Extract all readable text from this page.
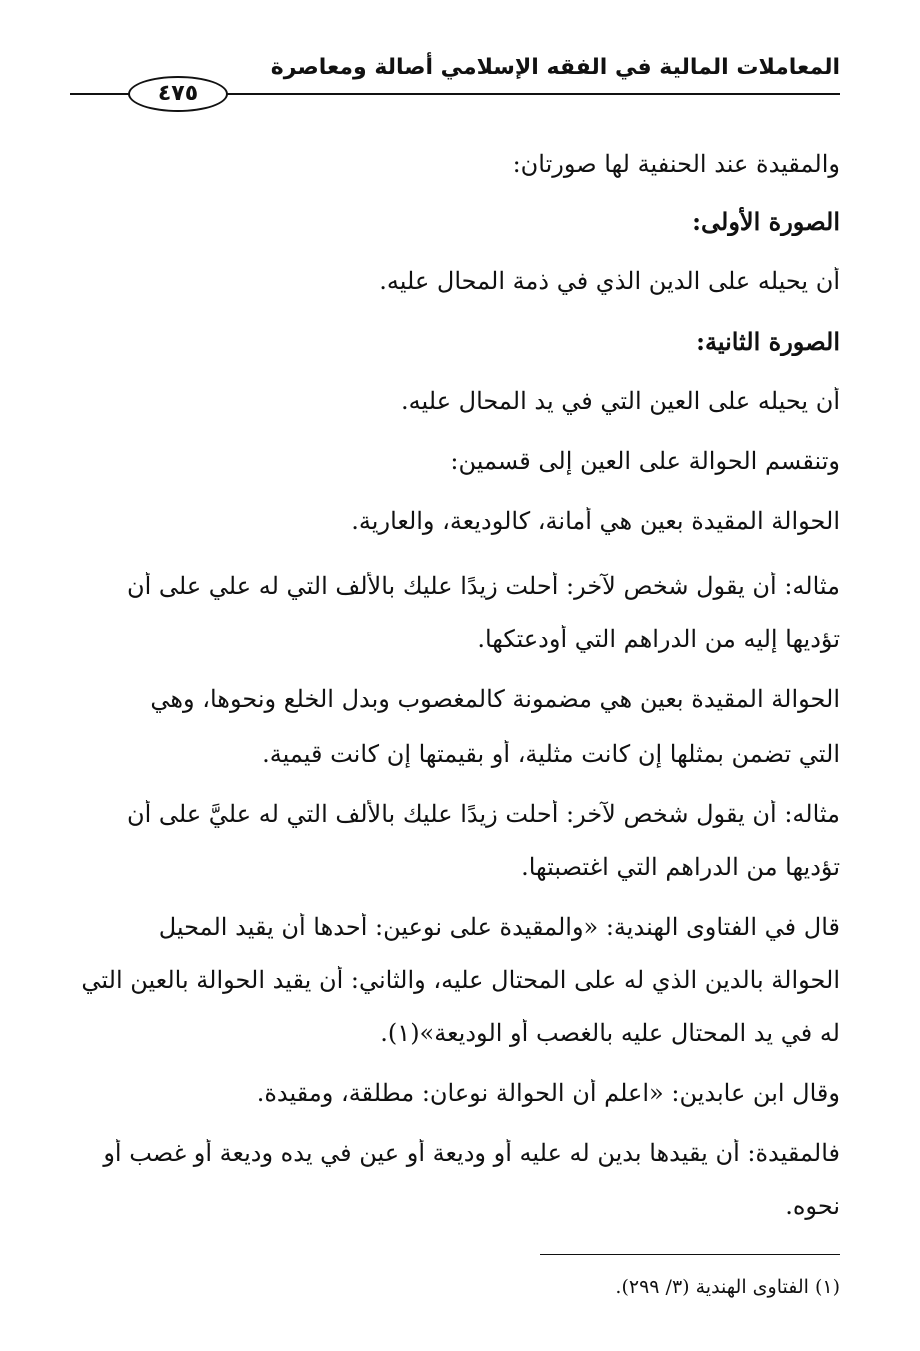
المعاملات المالية في الفقه الإسلامي أصالة ومعاصرة
٤٧٥
والمقيدة عند الحنفية لها صورتان:
الصورة الأولى:
أن يحيله على الدين الذي في ذمة المحال عليه.
الصورة الثانية:
أن يحيله على العين التي في يد المحال عليه.
وتنقسم الحوالة على العين إلى قسمين:
الحوالة المقيدة بعين هي أمانة، كالوديعة، والعارية.
مثاله: أن يقول شخص لآخر: أحلت زيدًا عليك بالألف التي له علي على أن
تؤديها إليه من الدراهم التي أودعتكها.
الحوالة المقيدة بعين هي مضمونة كالمغصوب وبدل الخلع ونحوها، وهي
التي تضمن بمثلها إن كانت مثلية، أو بقيمتها إن كانت قيمية.
مثاله: أن يقول شخص لآخر: أحلت زيدًا عليك بالألف التي له عليَّ على أن
تؤديها من الدراهم التي اغتصبتها.
قال في الفتاوى الهندية: «والمقيدة على نوعين: أحدها أن يقيد المحيل
الحوالة بالدين الذي له على المحتال عليه، والثاني: أن يقيد الحوالة بالعين التي
له في يد المحتال عليه بالغصب أو الوديعة»(١).
وقال ابن عابدين: «اعلم أن الحوالة نوعان: مطلقة، ومقيدة.
فالمقيدة: أن يقيدها بدين له عليه أو وديعة أو عين في يده وديعة أو غصب أو
نحوه.
(١) الفتاوى الهندية (٣/ ٢٩٩).
